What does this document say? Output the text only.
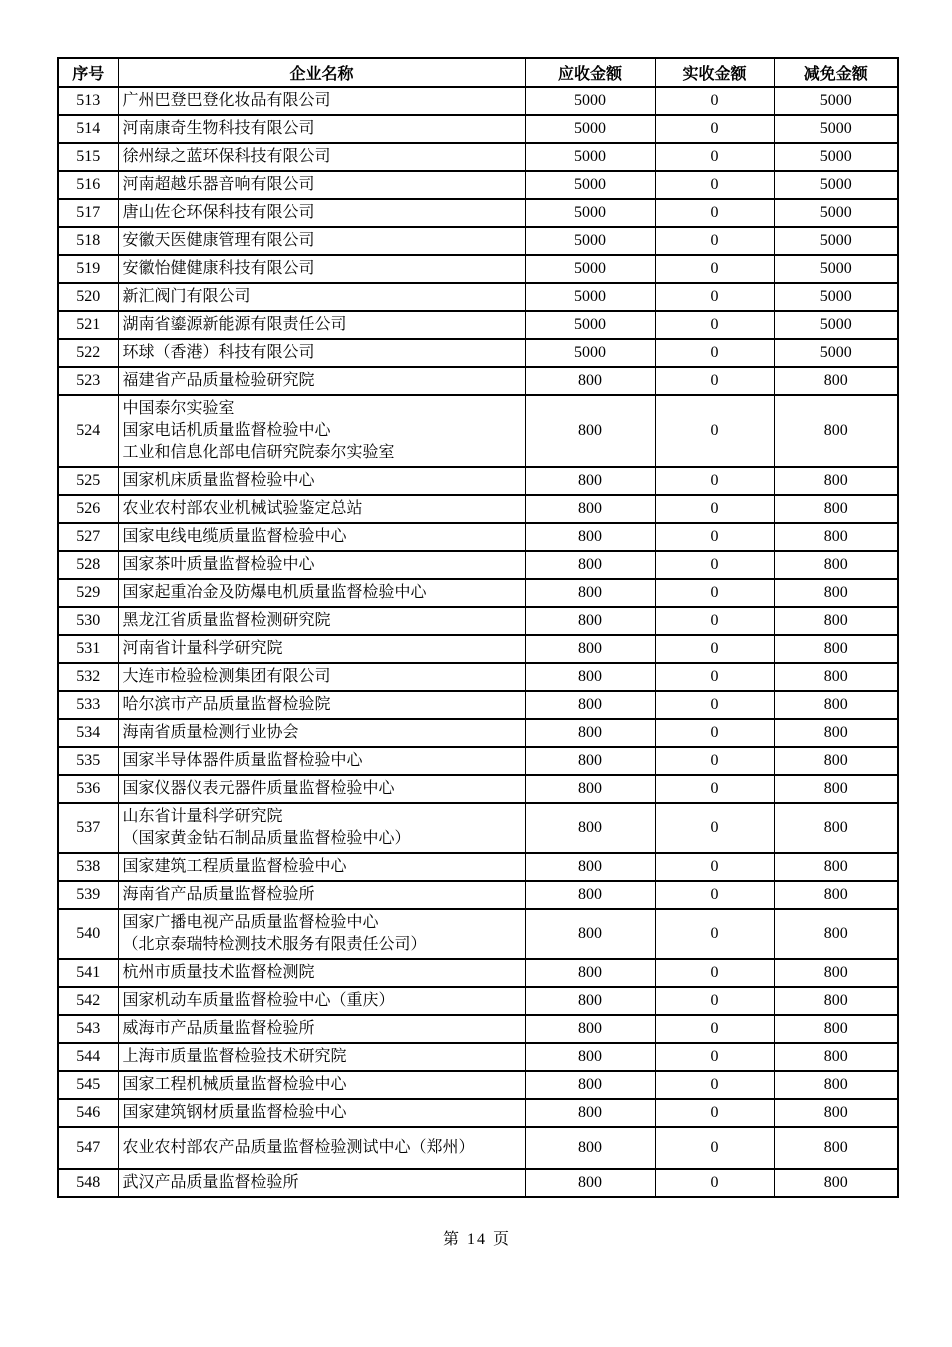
序号	企业名称	应收金额	实收金额	减免金额
513	广州巴登巴登化妆品有限公司	5000	0	5000
514	河南康奇生物科技有限公司	5000	0	5000
515	徐州绿之蓝环保科技有限公司	5000	0	5000
516	河南超越乐器音响有限公司	5000	0	5000
517	唐山佐仑环保科技有限公司	5000	0	5000
518	安徽天医健康管理有限公司	5000	0	5000
519	安徽怡健健康科技有限公司	5000	0	5000
520	新汇阀门有限公司	5000	0	5000
521	湖南省鎏源新能源有限责任公司	5000	0	5000
522	环球（香港）科技有限公司	5000	0	5000
523	福建省产品质量检验研究院	800	0	800
524	中国泰尔实验室
国家电话机质量监督检验中心
工业和信息化部电信研究院泰尔实验室	800	0	800
525	国家机床质量监督检验中心	800	0	800
526	农业农村部农业机械试验鉴定总站	800	0	800
527	国家电线电缆质量监督检验中心	800	0	800
528	国家茶叶质量监督检验中心	800	0	800
529	国家起重冶金及防爆电机质量监督检验中心	800	0	800
530	黑龙江省质量监督检测研究院	800	0	800
531	河南省计量科学研究院	800	0	800
532	大连市检验检测集团有限公司	800	0	800
533	哈尔滨市产品质量监督检验院	800	0	800
534	海南省质量检测行业协会	800	0	800
535	国家半导体器件质量监督检验中心	800	0	800
536	国家仪器仪表元器件质量监督检验中心	800	0	800
537	山东省计量科学研究院
（国家黄金钻石制品质量监督检验中心）	800	0	800
538	国家建筑工程质量监督检验中心	800	0	800
539	海南省产品质量监督检验所	800	0	800
540	国家广播电视产品质量监督检验中心
（北京泰瑞特检测技术服务有限责任公司）	800	0	800
541	杭州市质量技术监督检测院	800	0	800
542	国家机动车质量监督检验中心（重庆）	800	0	800
543	威海市产品质量监督检验所	800	0	800
544	上海市质量监督检验技术研究院	800	0	800
545	国家工程机械质量监督检验中心	800	0	800
546	国家建筑钢材质量监督检验中心	800	0	800
547	农业农村部农产品质量监督检验测试中心（郑州）	800	0	800
548	武汉产品质量监督检验所	800	0	800
第 14 页
